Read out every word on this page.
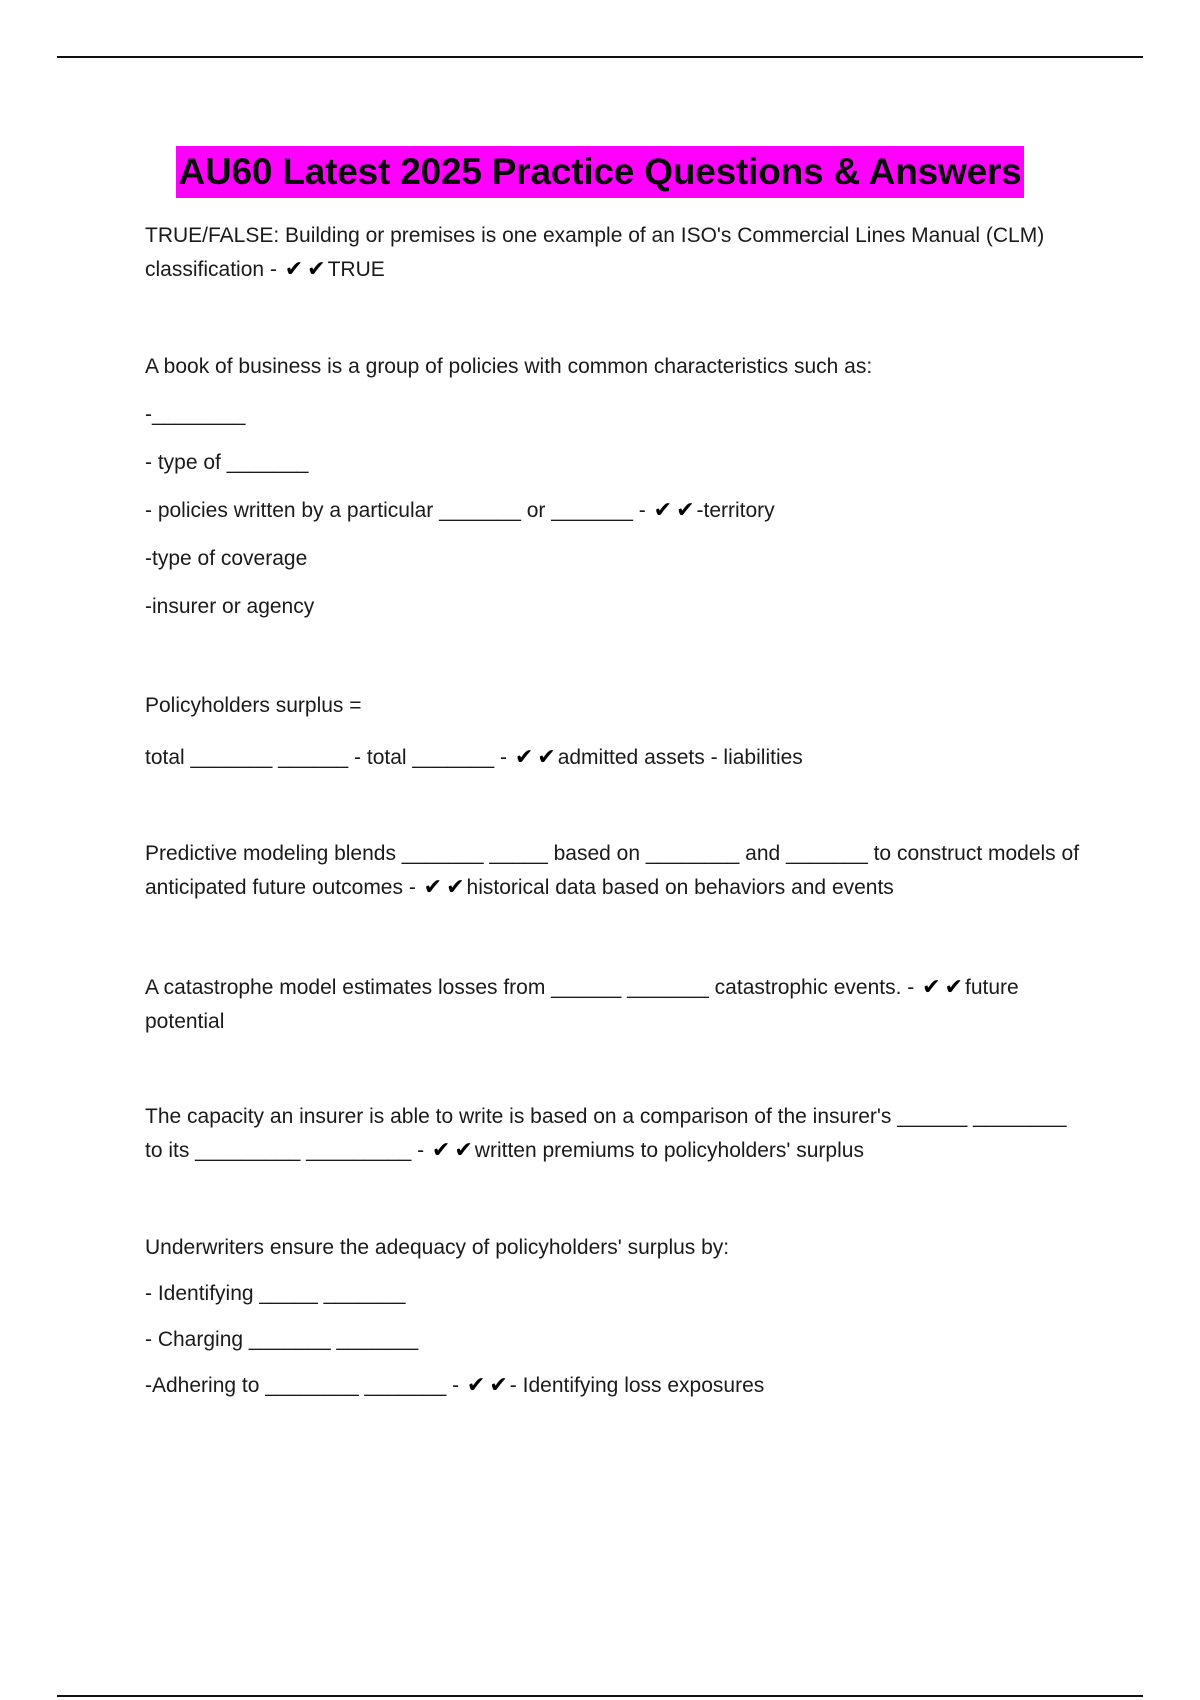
AU60 Latest 2025 Practice Questions & Answers
TRUE/FALSE: Building or premises is one example of an ISO's Commercial Lines Manual (CLM)
classification - ✔ ✔TRUE
A book of business is a group of policies with common characteristics such as:
-________
- type of _______
- policies written by a particular _______ or _______ - ✔ ✔-territory
-type of coverage
-insurer or agency
Policyholders surplus =
total _______ ______ - total _______ - ✔ ✔admitted assets - liabilities
Predictive modeling blends _______ _____ based on ________ and _______ to construct models of
anticipated future outcomes - ✔ ✔historical data based on behaviors and events
A catastrophe model estimates losses from ______ _______ catastrophic events. - ✔ ✔future
potential
The capacity an insurer is able to write is based on a comparison of the insurer's ______ ________
to its _________ _________ - ✔ ✔written premiums to policyholders' surplus
Underwriters ensure the adequacy of policyholders' surplus by:
- Identifying _____ _______
- Charging _______ _______
-Adhering to ________ _______ - ✔ ✔- Identifying loss exposures
